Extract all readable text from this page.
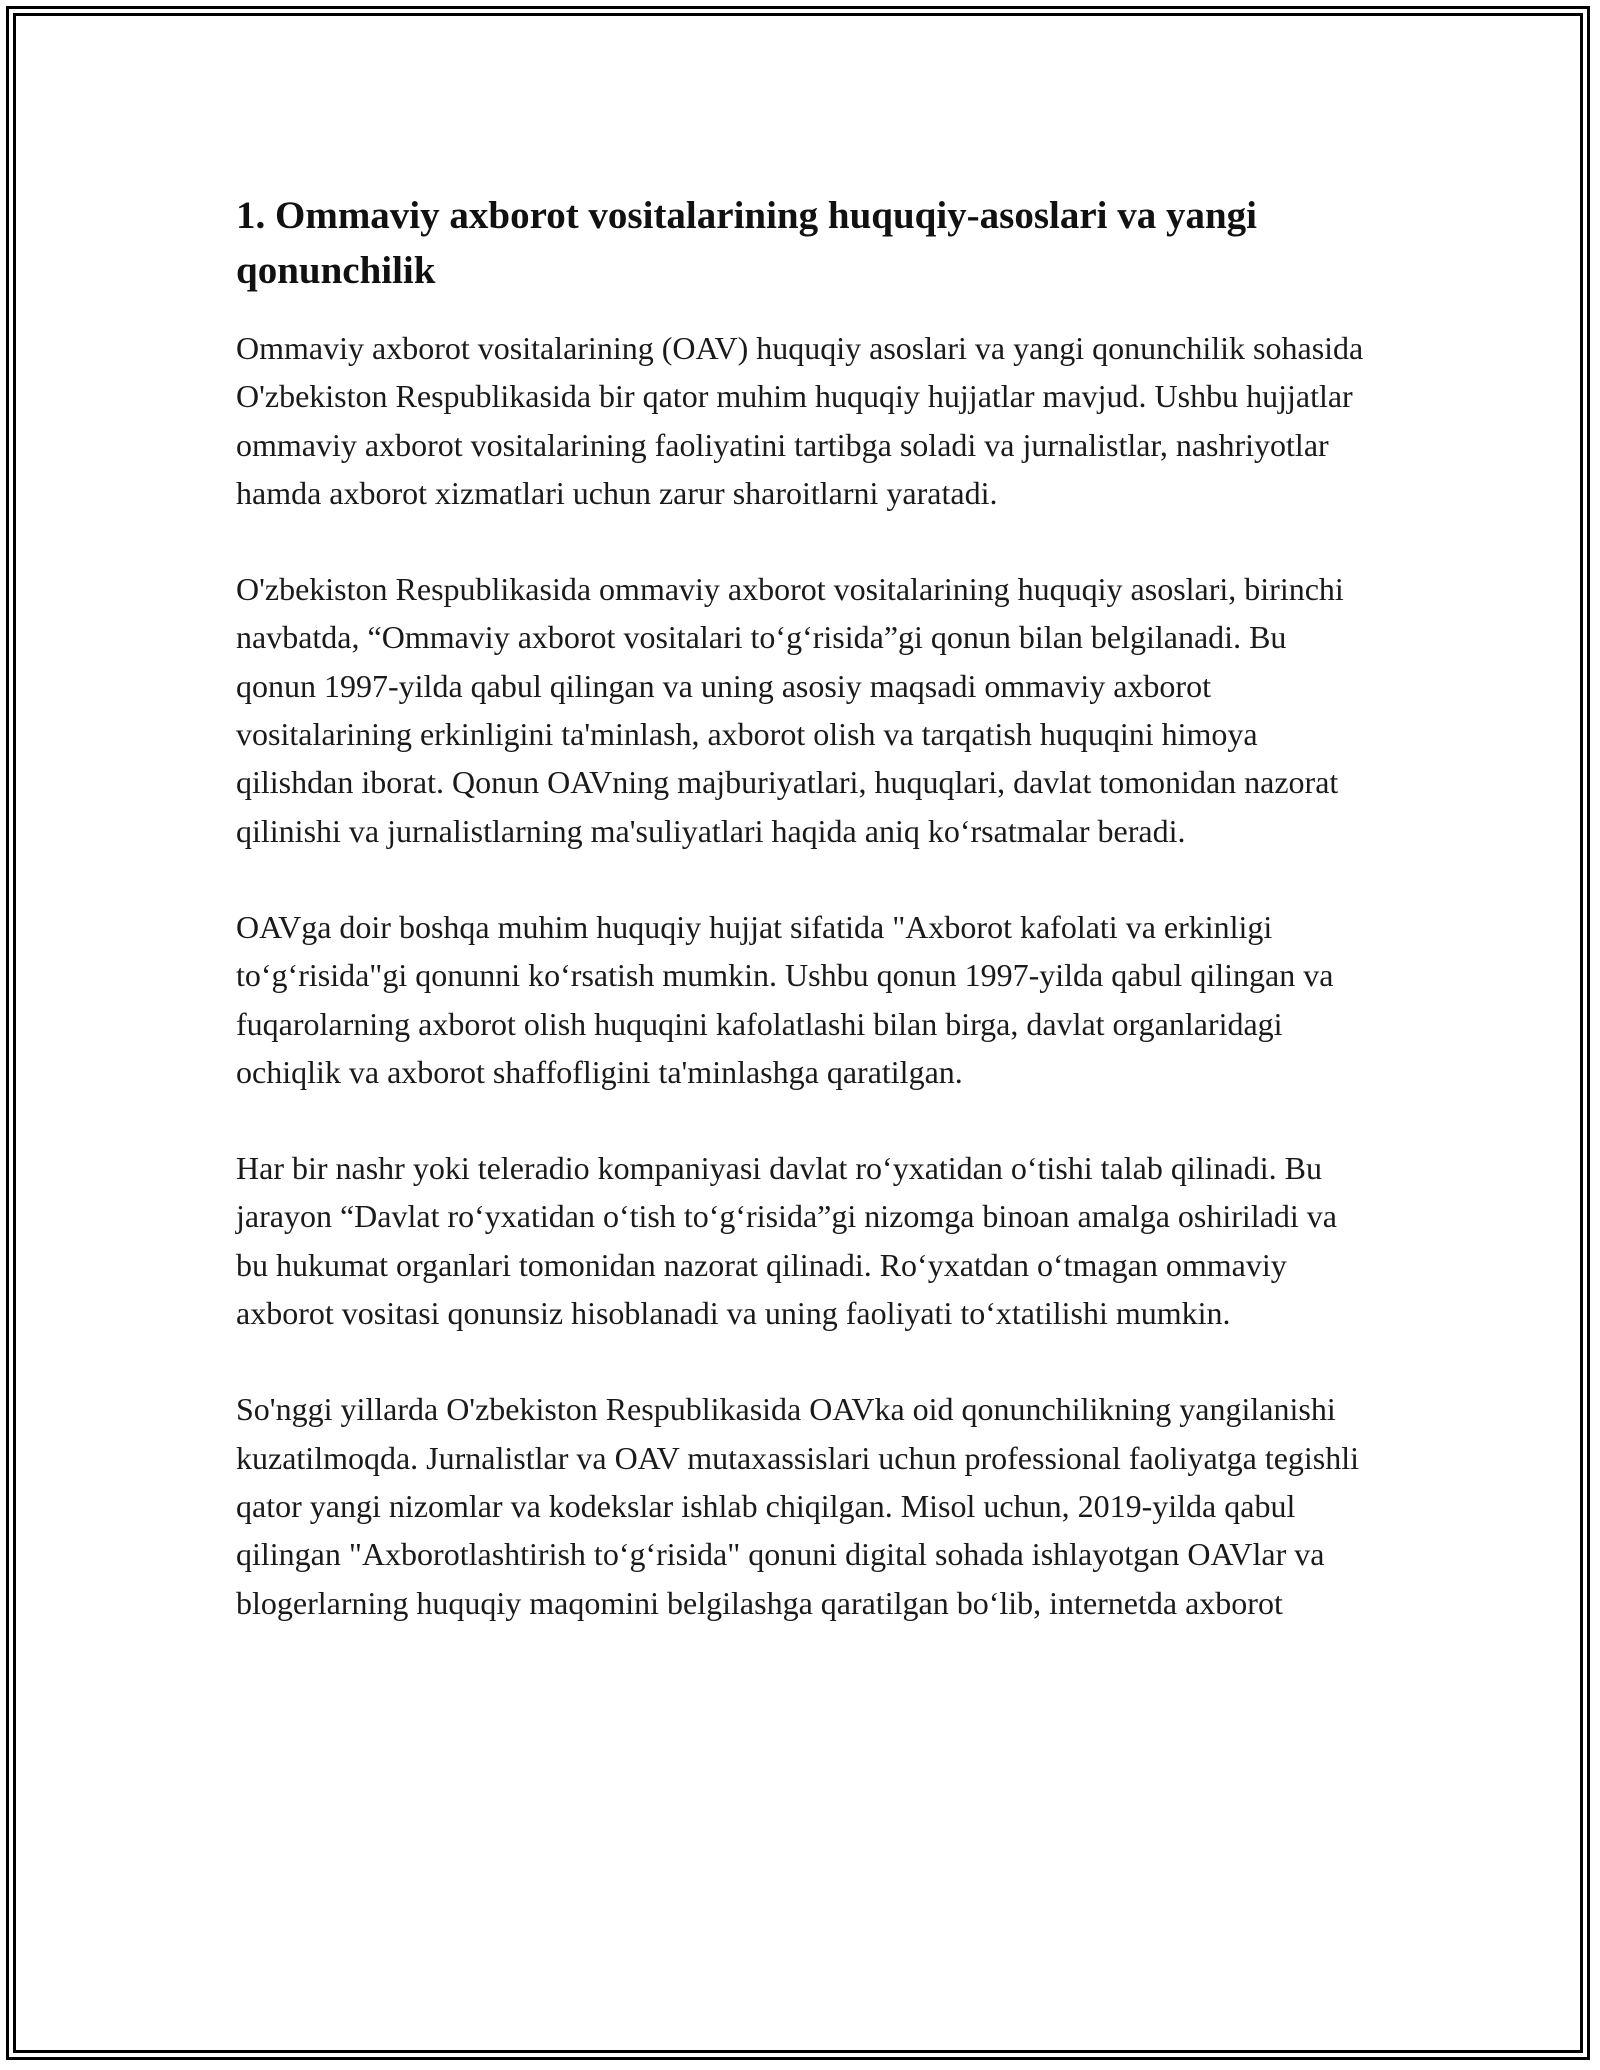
1. Ommaviy axborot vositalarining huquqiy-asoslari va yangi qonunchilik

Ommaviy axborot vositalarining (OAV) huquqiy asoslari va yangi qonunchilik sohasida O'zbekiston Respublikasida bir qator muhim huquqiy hujjatlar mavjud. Ushbu hujjatlar ommaviy axborot vositalarining faoliyatini tartibga soladi va jurnalistlar, nashriyotlar hamda axborot xizmatlari uchun zarur sharoitlarni yaratadi.

O'zbekiston Respublikasida ommaviy axborot vositalarining huquqiy asoslari, birinchi navbatda, “Ommaviy axborot vositalari to‘g‘risida”gi qonun bilan belgilanadi. Bu qonun 1997-yilda qabul qilingan va uning asosiy maqsadi ommaviy axborot vositalarining erkinligini ta'minlash, axborot olish va tarqatish huquqini himoya qilishdan iborat. Qonun OAVning majburiyatlari, huquqlari, davlat tomonidan nazorat qilinishi va jurnalistlarning ma'suliyatlari haqida aniq ko‘rsatmalar beradi.

OAVga doir boshqa muhim huquqiy hujjat sifatida "Axborot kafolati va erkinligi to‘g‘risida"gi qonunni ko‘rsatish mumkin. Ushbu qonun 1997-yilda qabul qilingan va fuqarolarning axborot olish huquqini kafolatlashi bilan birga, davlat organlaridagi ochiqlik va axborot shaffofligini ta'minlashga qaratilgan.

Har bir nashr yoki teleradio kompaniyasi davlat ro‘yxatidan o‘tishi talab qilinadi. Bu jarayon “Davlat ro‘yxatidan o‘tish to‘g‘risida”gi nizomga binoan amalga oshiriladi va bu hukumat organlari tomonidan nazorat qilinadi. Ro‘yxatdan o‘tmagan ommaviy axborot vositasi qonunsiz hisoblanadi va uning faoliyati to‘xtatilishi mumkin.

So'nggi yillarda O'zbekiston Respublikasida OAVka oid qonunchilikning yangilanishi kuzatilmoqda. Jurnalistlar va OAV mutaxassislari uchun professional faoliyatga tegishli qator yangi nizomlar va kodekslar ishlab chiqilgan. Misol uchun, 2019-yilda qabul qilingan "Axborotlashtirish to‘g‘risida" qonuni digital sohada ishlayotgan OAVlar va blogerlarning huquqiy maqomini belgilashga qaratilgan bo‘lib, internetda axborot
